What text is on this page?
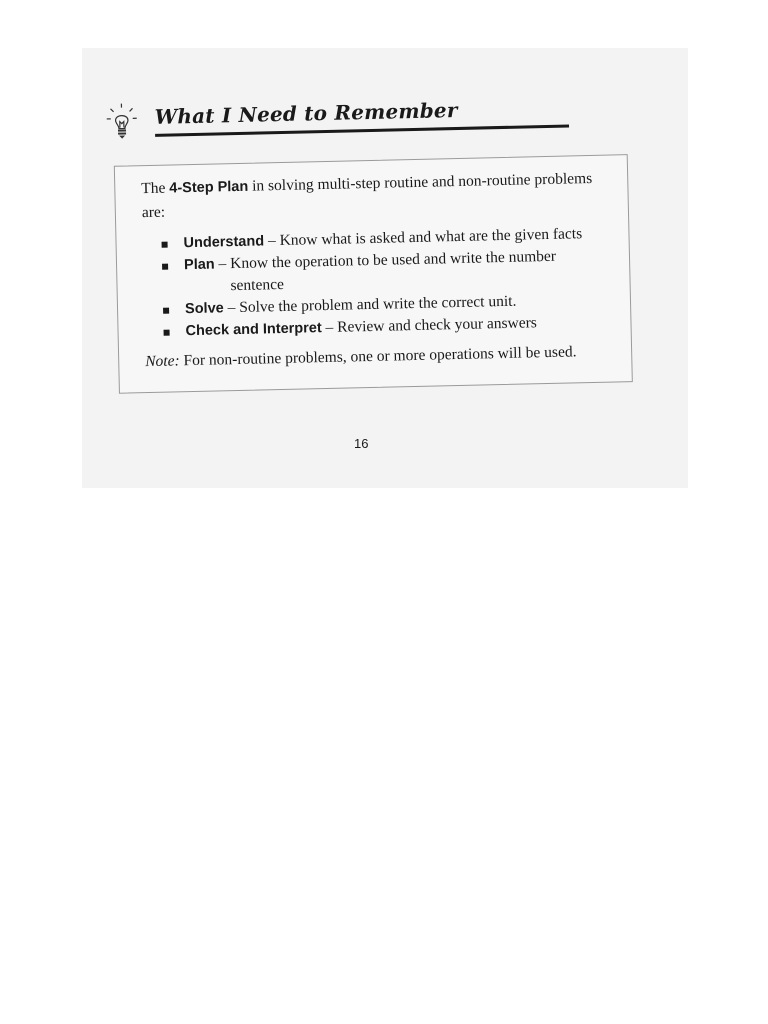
What I Need to Remember
The 4-Step Plan in solving multi-step routine and non-routine problems are:
Understand – Know what is asked and what are the given facts
Plan – Know the operation to be used and write the number
sentence
Solve – Solve the problem and write the correct unit.
Check and Interpret – Review and check your answers
Note: For non-routine problems, one or more operations will be used.
16
